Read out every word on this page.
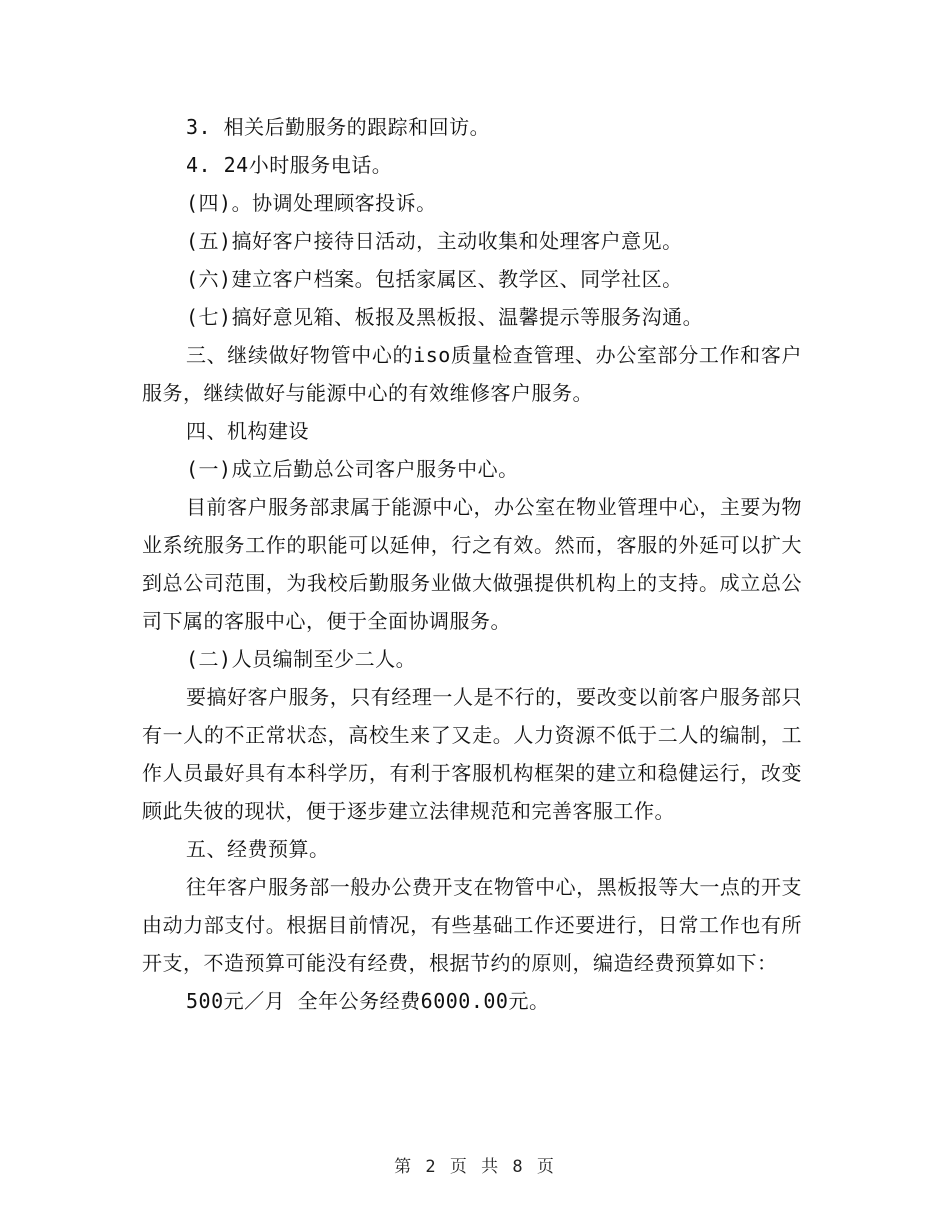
3. 相关后勤服务的跟踪和回访。

4. 24小时服务电话。

(四)。协调处理顾客投诉。

(五)搞好客户接待日活动，主动收集和处理客户意见。

(六)建立客户档案。包括家属区、教学区、同学社区。

(七)搞好意见箱、板报及黑板报、温馨提示等服务沟通。

三、继续做好物管中心的iso质量检查管理、办公室部分工作和客户服务，继续做好与能源中心的有效维修客户服务。

四、机构建设

(一)成立后勤总公司客户服务中心。

目前客户服务部隶属于能源中心，办公室在物业管理中心，主要为物业系统服务工作的职能可以延伸，行之有效。然而，客服的外延可以扩大到总公司范围，为我校后勤服务业做大做强提供机构上的支持。成立总公司下属的客服中心，便于全面协调服务。

(二)人员编制至少二人。

要搞好客户服务，只有经理一人是不行的，要改变以前客户服务部只有一人的不正常状态，高校生来了又走。人力资源不低于二人的编制，工作人员最好具有本科学历，有利于客服机构框架的建立和稳健运行，改变顾此失彼的现状，便于逐步建立法律规范和完善客服工作。

五、经费预算。

往年客户服务部一般办公费开支在物管中心，黑板报等大一点的开支由动力部支付。根据目前情况，有些基础工作还要进行，日常工作也有所开支，不造预算可能没有经费，根据节约的原则，编造经费预算如下：

500元／月 全年公务经费6000.00元。

第 2 页 共 8 页
